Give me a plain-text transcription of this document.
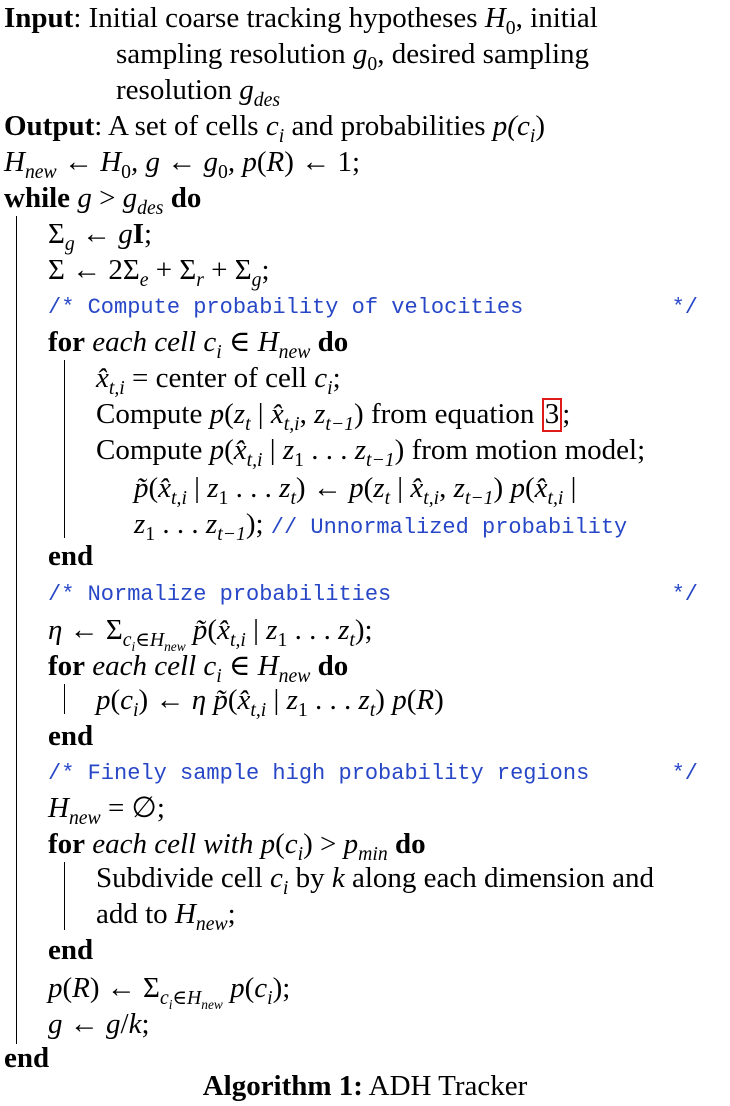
Input: Initial coarse tracking hypotheses $H_0$, initial
sampling resolution $g_0$, desired sampling
resolution $g_{des}$
Output: A set of cells $c_i$ and probabilities $p(c_i)$
$H_{new}$ ← $H_0$, g ← $g_0$, p(R) ← 1;
while $g > g_{des}$ do
$\Sigma_g$ ← gI;
Σ ← $2\Sigma_e + \Sigma_r + \Sigma_g$;
/* Compute probability of velocities	*/
for each cell $c_i$ ∈ $H_{new}$ do
$x̂_{t,i}$ = center of cell $c_i$;
Compute $p(z_t$ | $x̂_{t,i}$, $z_{t-1}$) from equation 3 ;
Compute $p(x̂_{t,i}$ | $z_1$ . . . $z_{t-1}$) from motion model;
$p̃(x̂_{t,i}$ | $z_1$ . . . $z_t$) ← $p(z_t$ | $x̂_{t,i}$, $z_{t-1}$) $p(x̂_{t,i}$ |
$z_1$ . . . $z_{t-1}$); // Unnormalized probability
end
/* Normalize probabilities	*/
η ← $\Sigma_{c_i\in H_{new}}$ $p̃(x̂_{t,i}$ | $z_1$ . . . $z_t$);
for each cell $c_i$ ∈ $H_{new}$ do
$p(c_i)$ ← η $p̃(x̂_{t,i}$ | $z_1$ . . . $z_t$) p(R)
end
/* Finely sample high probability regions	*/
$H_{new}$ = ∅;
for each cell with $p(c_i) > p_{min}$ do
Subdivide cell $c_i$ by k along each dimension and
add to $H_{new}$;
end
p(R) ← $\Sigma_{c_i\in H_{new}}$ $p(c_i)$;
g ← g/k;
end
Algorithm 1: ADH Tracker
